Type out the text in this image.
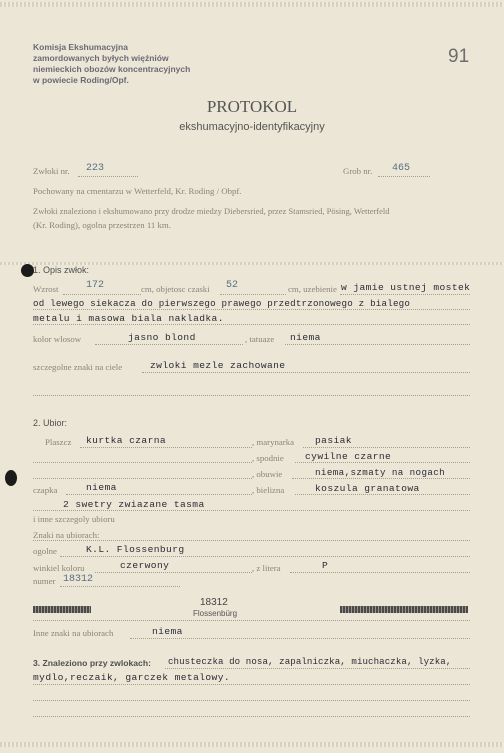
Komisja Ekshumacyjna
zamordowanych byłych więźniów
niemieckich obozów koncentracyjnych
w powiecie Roding/Opf.
91
PROTOKOL
ekshumacyjno-identyfikacyjny
Zwłoki nr. 223	Grob nr. 465
Pochowany na cmentarzu w Wetterfeld, Kr. Roding / Obpf.
Zwłoki znaleziono i ekshumowano przy drodze miedzy Diebersried, przez Stamsried, Pösing, Wetterfeld
(Kr. Roding), ogolna przestrzen 11 km.
1. Opis zwłok:
Wzrost	172	cm, objetosc czaski 52	cm, uzebienie w jamie ustnej mostek
od lewego siekacza do pierwszego prawego przedtrzonowego z bialego
metalu i masowa biala nakladka.
kolor wlosow	jasno blond	, tatuaze niema
szczegolne znaki na ciele	zwloki mezle zachowane
2. Ubior:
Plaszcz kurtka czarna	, marynarka pasiak
, spodnie cywilne czarne
, obuwie	niema,szmaty na nogach
czapka	niema	, bielizna	koszula granatowa
2 swetry zwiazane tasma
i inne szczegoly ubioru
Znaki na ubiorach:
ogolne	K.L. Flossenburg
winkiel koloru	czerwony	, z litera	P
numer 18312
18312
Flossenbürg
Inne znaki na ubiorach	niema
3. Znaleziono przy zwlokach: chusteczka do nosa, zapalniczka, miuchaczka, lyzka,
mydlo,reczaik, garczek metalowy.
